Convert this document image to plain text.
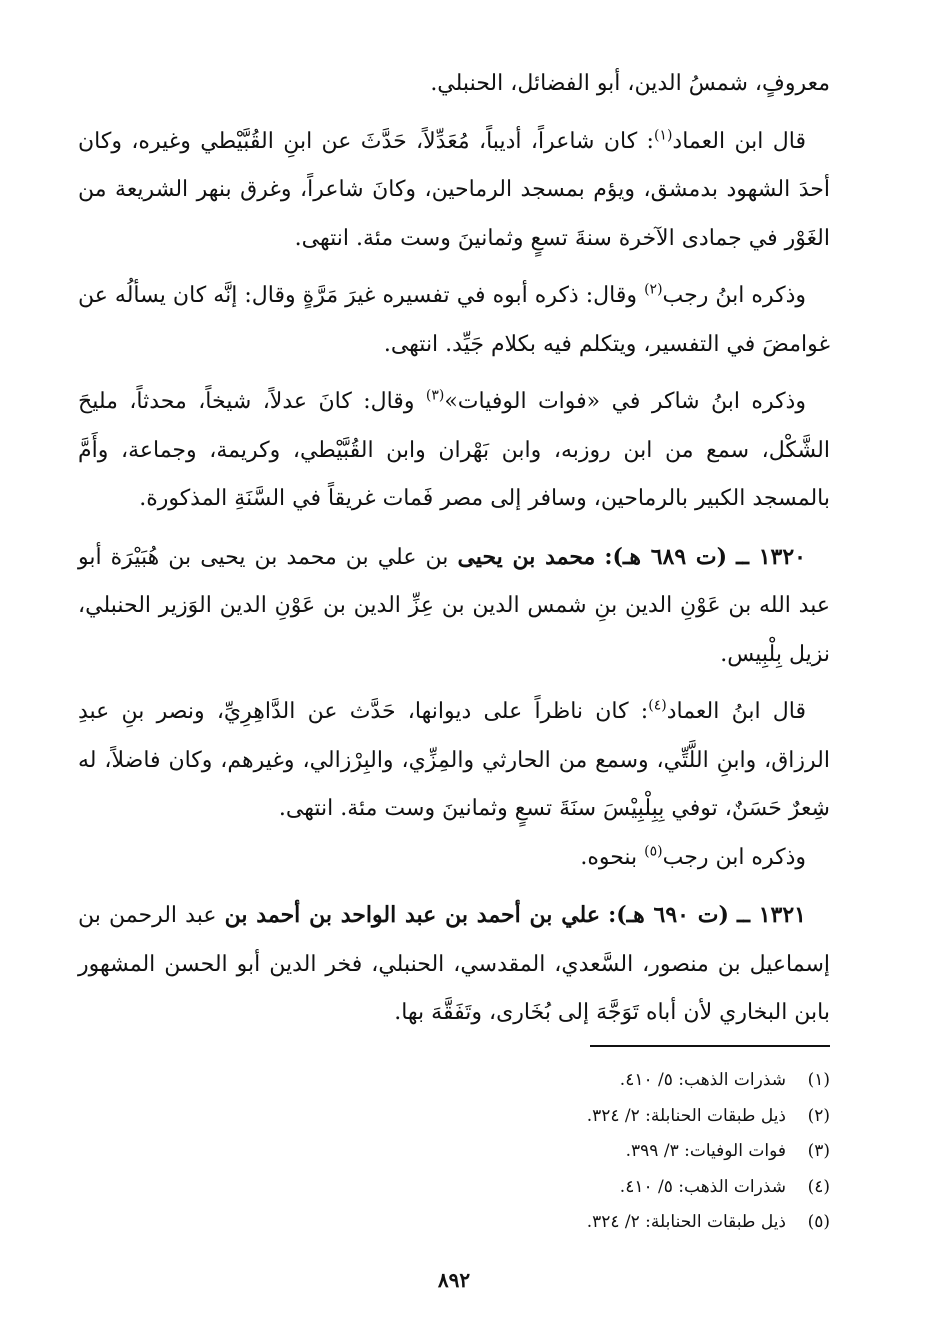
معروفٍ، شمسُ الدين، أبو الفضائل، الحنبلي.

قال ابن العماد$^{(١)}$: كان شاعراً، أديباً، مُعَدِّلاً، حَدَّثَ عن ابنِ القُبَّيْطي وغيره، وكان أحدَ الشهود بدمشق، ويؤم بمسجد الرماحين، وكانَ شاعراً، وغرق بنهر الشريعة من الغَوْر في جمادى الآخرة سنةَ تسعٍ وثمانينَ وست مئة. انتهى.

وذكره ابنُ رجب$^{(٢)}$ وقال: ذكره أبوه في تفسيره غيرَ مَرَّةٍ وقال: إنَّه كان يسألُه عن غوامضَ في التفسير، ويتكلم فيه بكلام جَيِّد. انتهى.

وذكره ابنُ شاكر في «فوات الوفيات»$^{(٣)}$ وقال: كانَ عدلاً، شيخاً، محدثاً، مليحَ الشَّكْل، سمع من ابن روزبه، وابن بَهْران وابن القُبَّيْطي، وكريمة، وجماعة، وأَمَّ بالمسجد الكبير بالرماحين، وسافر إلى مصر فَمات غريقاً في السَّنَةِ المذكورة.

١٣٢٠ ــ (ت ٦٨٩ هـ): محمد بن يحيى بن علي بن محمد بن يحيى بن هُبَيْرَة أبو عبد الله بن عَوْنِ الدين بنِ شمس الدين بن عِزِّ الدين بن عَوْنِ الدين الوَزير الحنبلي، نزيل بِلْبِيس.

قال ابنُ العماد$^{(٤)}$: كان ناظراً على ديوانها، حَدَّث عن الدَّاهِرِيِّ، ونصر بنِ عبدِ الرزاق، وابنِ اللَّتِّي، وسمع من الحارثي والمِزِّي، والبِرْزالي، وغيرهم، وكان فاضلاً، له شِعرٌ حَسَنٌ، توفي بِبِلْبِيْسَ سنَةَ تسعٍ وثمانينَ وست مئة. انتهى.

وذكره ابن رجب$^{(٥)}$ بنحوه.

١٣٢١ ــ (ت ٦٩٠ هـ): علي بن أحمد بن عبد الواحد بن أحمد بن عبد الرحمن بن إسماعيل بن منصور، السَّعدي، المقدسي، الحنبلي، فخر الدين أبو الحسن المشهور بابن البخاري لأن أباه تَوَجَّهَ إلى بُخَارى، وتَفَقَّهَ بها.

(١)شذرات الذهب: ٥/ ٤١٠.
(٢)ذيل طبقات الحنابلة: ٢/ ٣٢٤.
(٣)فوات الوفيات: ٣/ ٣٩٩.
(٤)شذرات الذهب: ٥/ ٤١٠.
(٥)ذيل طبقات الحنابلة: ٢/ ٣٢٤.
٨٩٢
